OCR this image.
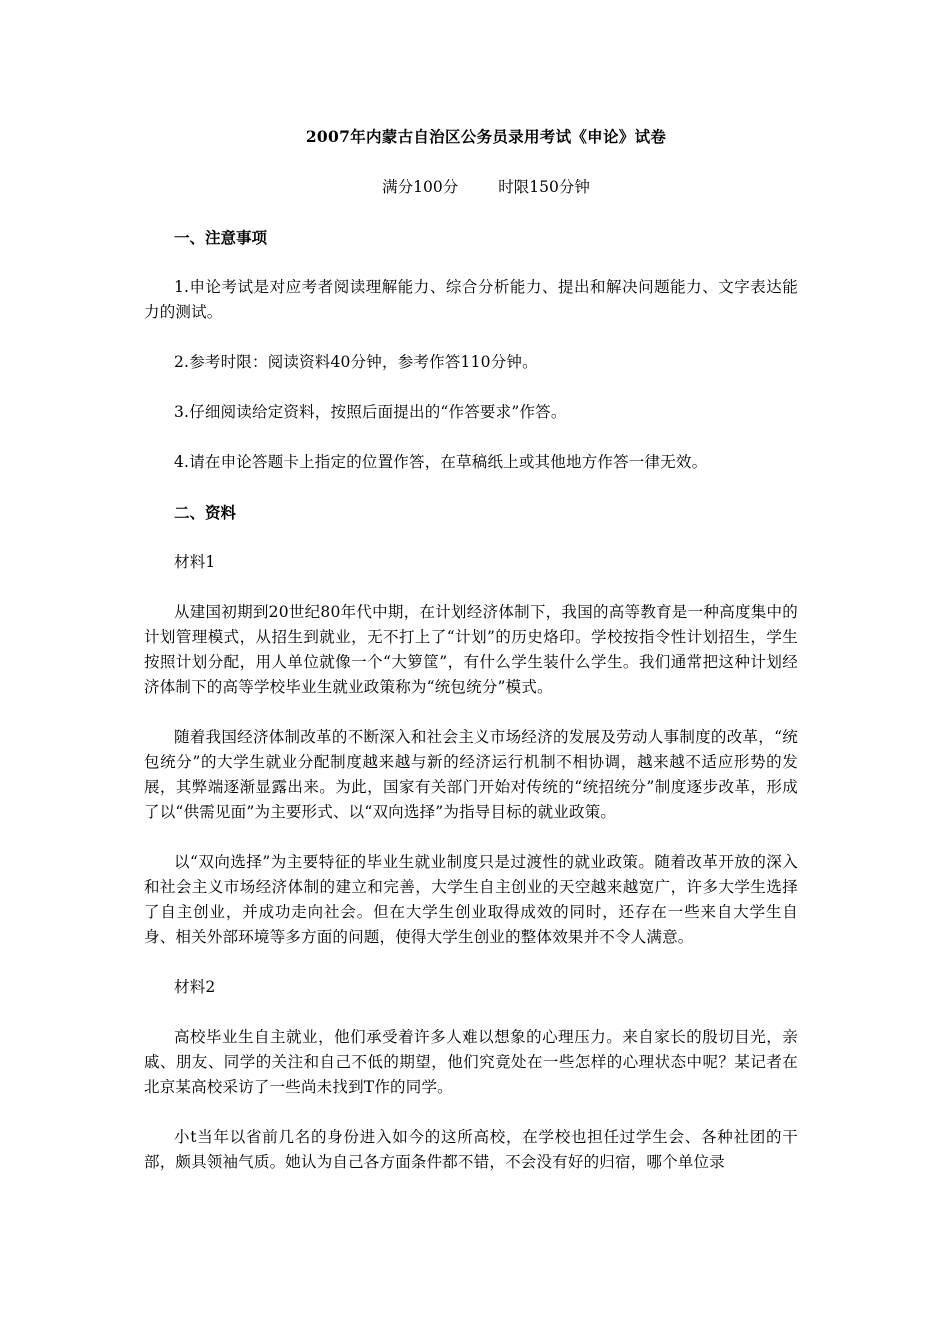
2007年内蒙古自治区公务员录用考试《申论》试卷
满分100分	时限150分钟
一、注意事项
1.申论考试是对应考者阅读理解能力、综合分析能力、提出和解决问题能力、文字表达能力的测试。
2.参考时限：阅读资料40分钟，参考作答110分钟。
3.仔细阅读给定资料，按照后面提出的“作答要求”作答。
4.请在申论答题卡上指定的位置作答，在草稿纸上或其他地方作答一律无效。
二、资料
材料1
从建国初期到20世纪80年代中期，在计划经济体制下，我国的高等教育是一种高度集中的计划管理模式，从招生到就业，无不打上了“计划”的历史烙印。学校按指令性计划招生，学生按照计划分配，用人单位就像一个“大箩筐”，有什么学生装什么学生。我们通常把这种计划经济体制下的高等学校毕业生就业政策称为“统包统分”模式。
随着我国经济体制改革的不断深入和社会主义市场经济的发展及劳动人事制度的改革，“统包统分”的大学生就业分配制度越来越与新的经济运行机制不相协调，越来越不适应形势的发展，其弊端逐渐显露出来。为此，国家有关部门开始对传统的“统招统分”制度逐步改革，形成了以“供需见面”为主要形式、以“双向选择”为指导目标的就业政策。
以“双向选择”为主要特征的毕业生就业制度只是过渡性的就业政策。随着改革开放的深入和社会主义市场经济体制的建立和完善，大学生自主创业的天空越来越宽广，许多大学生选择了自主创业，并成功走向社会。但在大学生创业取得成效的同时，还存在一些来自大学生自身、相关外部环境等多方面的问题，使得大学生创业的整体效果并不令人满意。
材料2
高校毕业生自主就业，他们承受着许多人难以想象的心理压力。来自家长的殷切目光，亲戚、朋友、同学的关注和自己不低的期望，他们究竟处在一些怎样的心理状态中呢？某记者在北京某高校采访了一些尚未找到T作的同学。
小t当年以省前几名的身份进入如今的这所高校，在学校也担任过学生会、各种社团的干部，颇具领袖气质。她认为自己各方面条件都不错，不会没有好的归宿，哪个单位录
